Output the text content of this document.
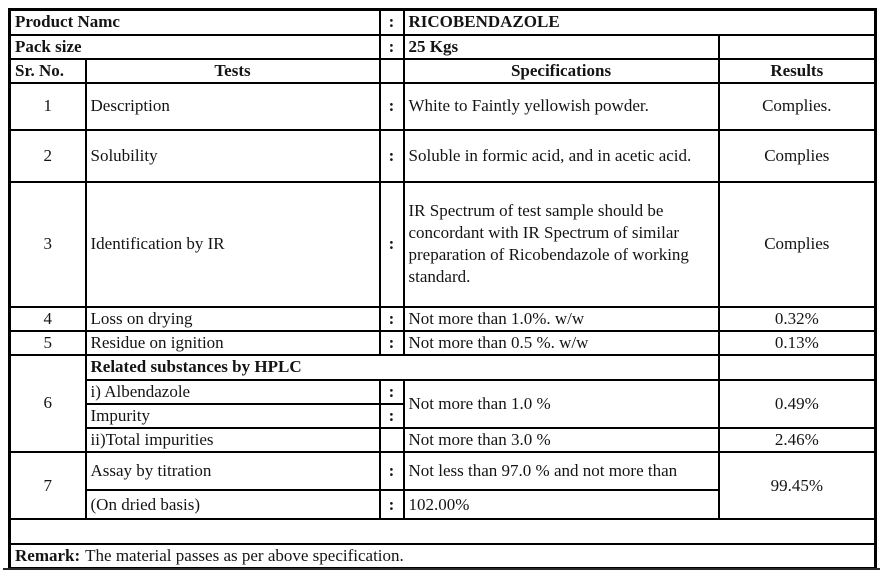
Product Namc		:	RICOBENDAZOLE	
Pack size		:	25 Kgs	
Sr. No.	Tests		Specifications	Results
1	Description	:	White to Faintly yellowish powder.	Complies.
2	Solubility	:	Soluble in formic acid, and in acetic acid.	Complies
3	Identification by IR	:	IR Spectrum of test sample should be concordant with IR Spectrum of similar preparation of Ricobendazole of working standard.	Complies
4	Loss on drying	:	Not more than 1.0%. w/w	0.32%
5	Residue on ignition	:	Not more than 0.5 %. w/w	0.13%
6	Related substances by HPLC			
	i) Albendazole	:	Not more than 1.0 %	0.49%
	Impurity	:		
	ii)Total impurities		Not more than 3.0 %	2.46%
7	Assay by titration	:	Not less than 97.0 % and not more than	99.45%
	(On dried basis)	:	102.00%	

Remark: The material passes as per above specification.				
